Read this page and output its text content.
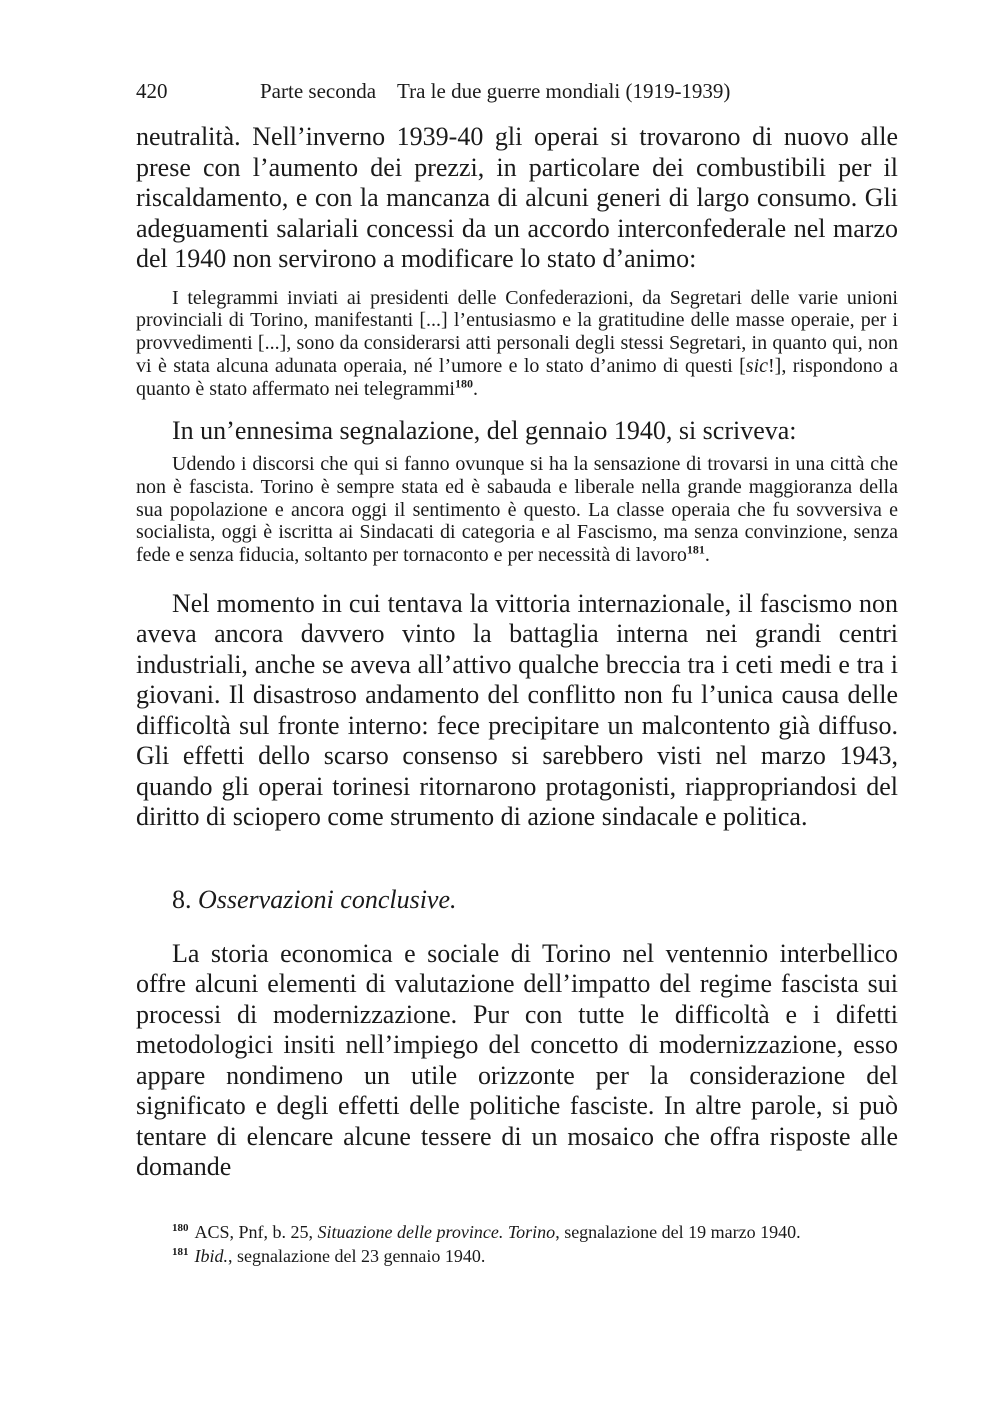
420	Parte seconda Tra le due guerre mondiali (1919-1939)

neutralità. Nell’inverno 1939-40 gli operai si trovarono di nuovo alle prese con l’aumento dei prezzi, in particolare dei combustibili per il riscaldamento, e con la mancanza di alcuni generi di largo consumo. Gli adeguamenti salariali concessi da un accordo interconfederale nel marzo del 1940 non servirono a modificare lo stato d’animo:

I telegrammi inviati ai presidenti delle Confederazioni, da Segretari delle varie unioni provinciali di Torino, manifestanti [...] l’entusiasmo e la gratitudine delle masse operaie, per i provvedimenti [...], sono da considerarsi atti personali degli stessi Segretari, in quanto qui, non vi è stata alcuna adunata operaia, né l’umore e lo stato d’animo di questi [sic!], rispondono a quanto è stato affermato nei telegrammi$^{180}$.

In un’ennesima segnalazione, del gennaio 1940, si scriveva:

Udendo i discorsi che qui si fanno ovunque si ha la sensazione di trovarsi in una città che non è fascista. Torino è sempre stata ed è sabauda e liberale nella grande maggioranza della sua popolazione e ancora oggi il sentimento è questo. La classe operaia che fu sovversiva e socialista, oggi è iscritta ai Sindacati di categoria e al Fascismo, ma senza convinzione, senza fede e senza fiducia, soltanto per tornaconto e per necessità di lavoro$^{181}$.

Nel momento in cui tentava la vittoria internazionale, il fascismo non aveva ancora davvero vinto la battaglia interna nei grandi centri industriali, anche se aveva all’attivo qualche breccia tra i ceti medi e tra i giovani. Il disastroso andamento del conflitto non fu l’unica causa delle difficoltà sul fronte interno: fece precipitare un malcontento già diffuso. Gli effetti dello scarso consenso si sarebbero visti nel marzo 1943, quando gli operai torinesi ritornarono protagonisti, riappropriandosi del diritto di sciopero come strumento di azione sindacale e politica.

8. Osservazioni conclusive.

La storia economica e sociale di Torino nel ventennio interbellico offre alcuni elementi di valutazione dell’impatto del regime fascista sui processi di modernizzazione. Pur con tutte le difficoltà e i difetti metodologici insiti nell’impiego del concetto di modernizzazione, esso appare nondimeno un utile orizzonte per la considerazione del significato e degli effetti delle politiche fasciste. In altre parole, si può tentare di elencare alcune tessere di un mosaico che offra risposte alle domande

$^{180}$ ACS, Pnf, b. 25, Situazione delle province. Torino, segnalazione del 19 marzo 1940.
$^{181}$ Ibid., segnalazione del 23 gennaio 1940.
